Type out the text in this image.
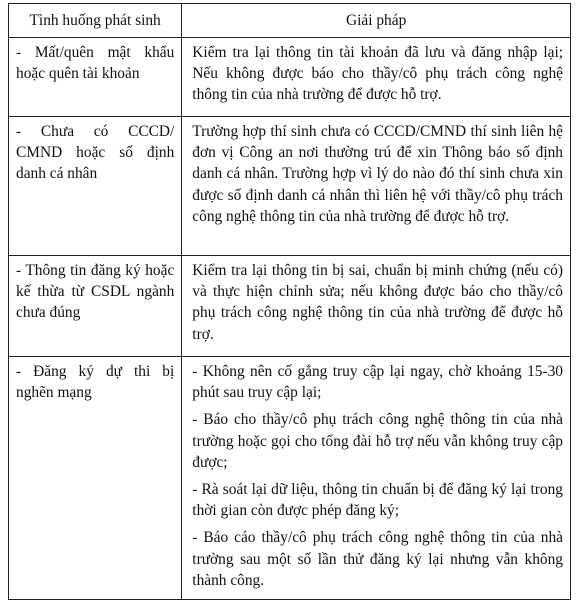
Tình huống phát sinh	Giải pháp
- Mất/quên mật khẩu hoặc quên tài khoản	Kiểm tra lại thông tin tài khoản đã lưu và đăng nhập lại; Nếu không được báo cho thầy/cô phụ trách công nghệ thông tin của nhà trường để được hỗ trợ.

- Chưa có CCCD/ CMND hoặc số định danh cá nhân	Trường hợp thí sinh chưa có CCCD/CMND thí sinh liên hệ đơn vị Công an nơi thường trú để xin Thông báo số định danh cá nhân. Trường hợp vì lý do nào đó thí sinh chưa xin được số định danh cá nhân thì liên hệ với thầy/cô phụ trách công nghệ thông tin của nhà trường để được hỗ trợ.

- Thông tin đăng ký hoặc kế thừa từ CSDL ngành chưa đúng	Kiểm tra lại thông tin bị sai, chuẩn bị minh chứng (nếu có) và thực hiện chỉnh sửa; nếu không được báo cho thầy/cô phụ trách công nghệ thông tin của nhà trường để được hỗ trợ.

- Đăng ký dự thi bị nghẽn mạng	- Không nên cố gắng truy cập lại ngay, chờ khoảng 15-30 phút sau truy cập lại;

- Báo cho thầy/cô phụ trách công nghệ thông tin của nhà trường hoặc gọi cho tổng đài hỗ trợ nếu vẫn không truy cập được;

- Rà soát lại dữ liệu, thông tin chuẩn bị để đăng ký lại trong thời gian còn được phép đăng ký;

- Báo cáo thầy/cô phụ trách công nghệ thông tin của nhà trường sau một số lần thử đăng ký lại nhưng vẫn không thành công.
